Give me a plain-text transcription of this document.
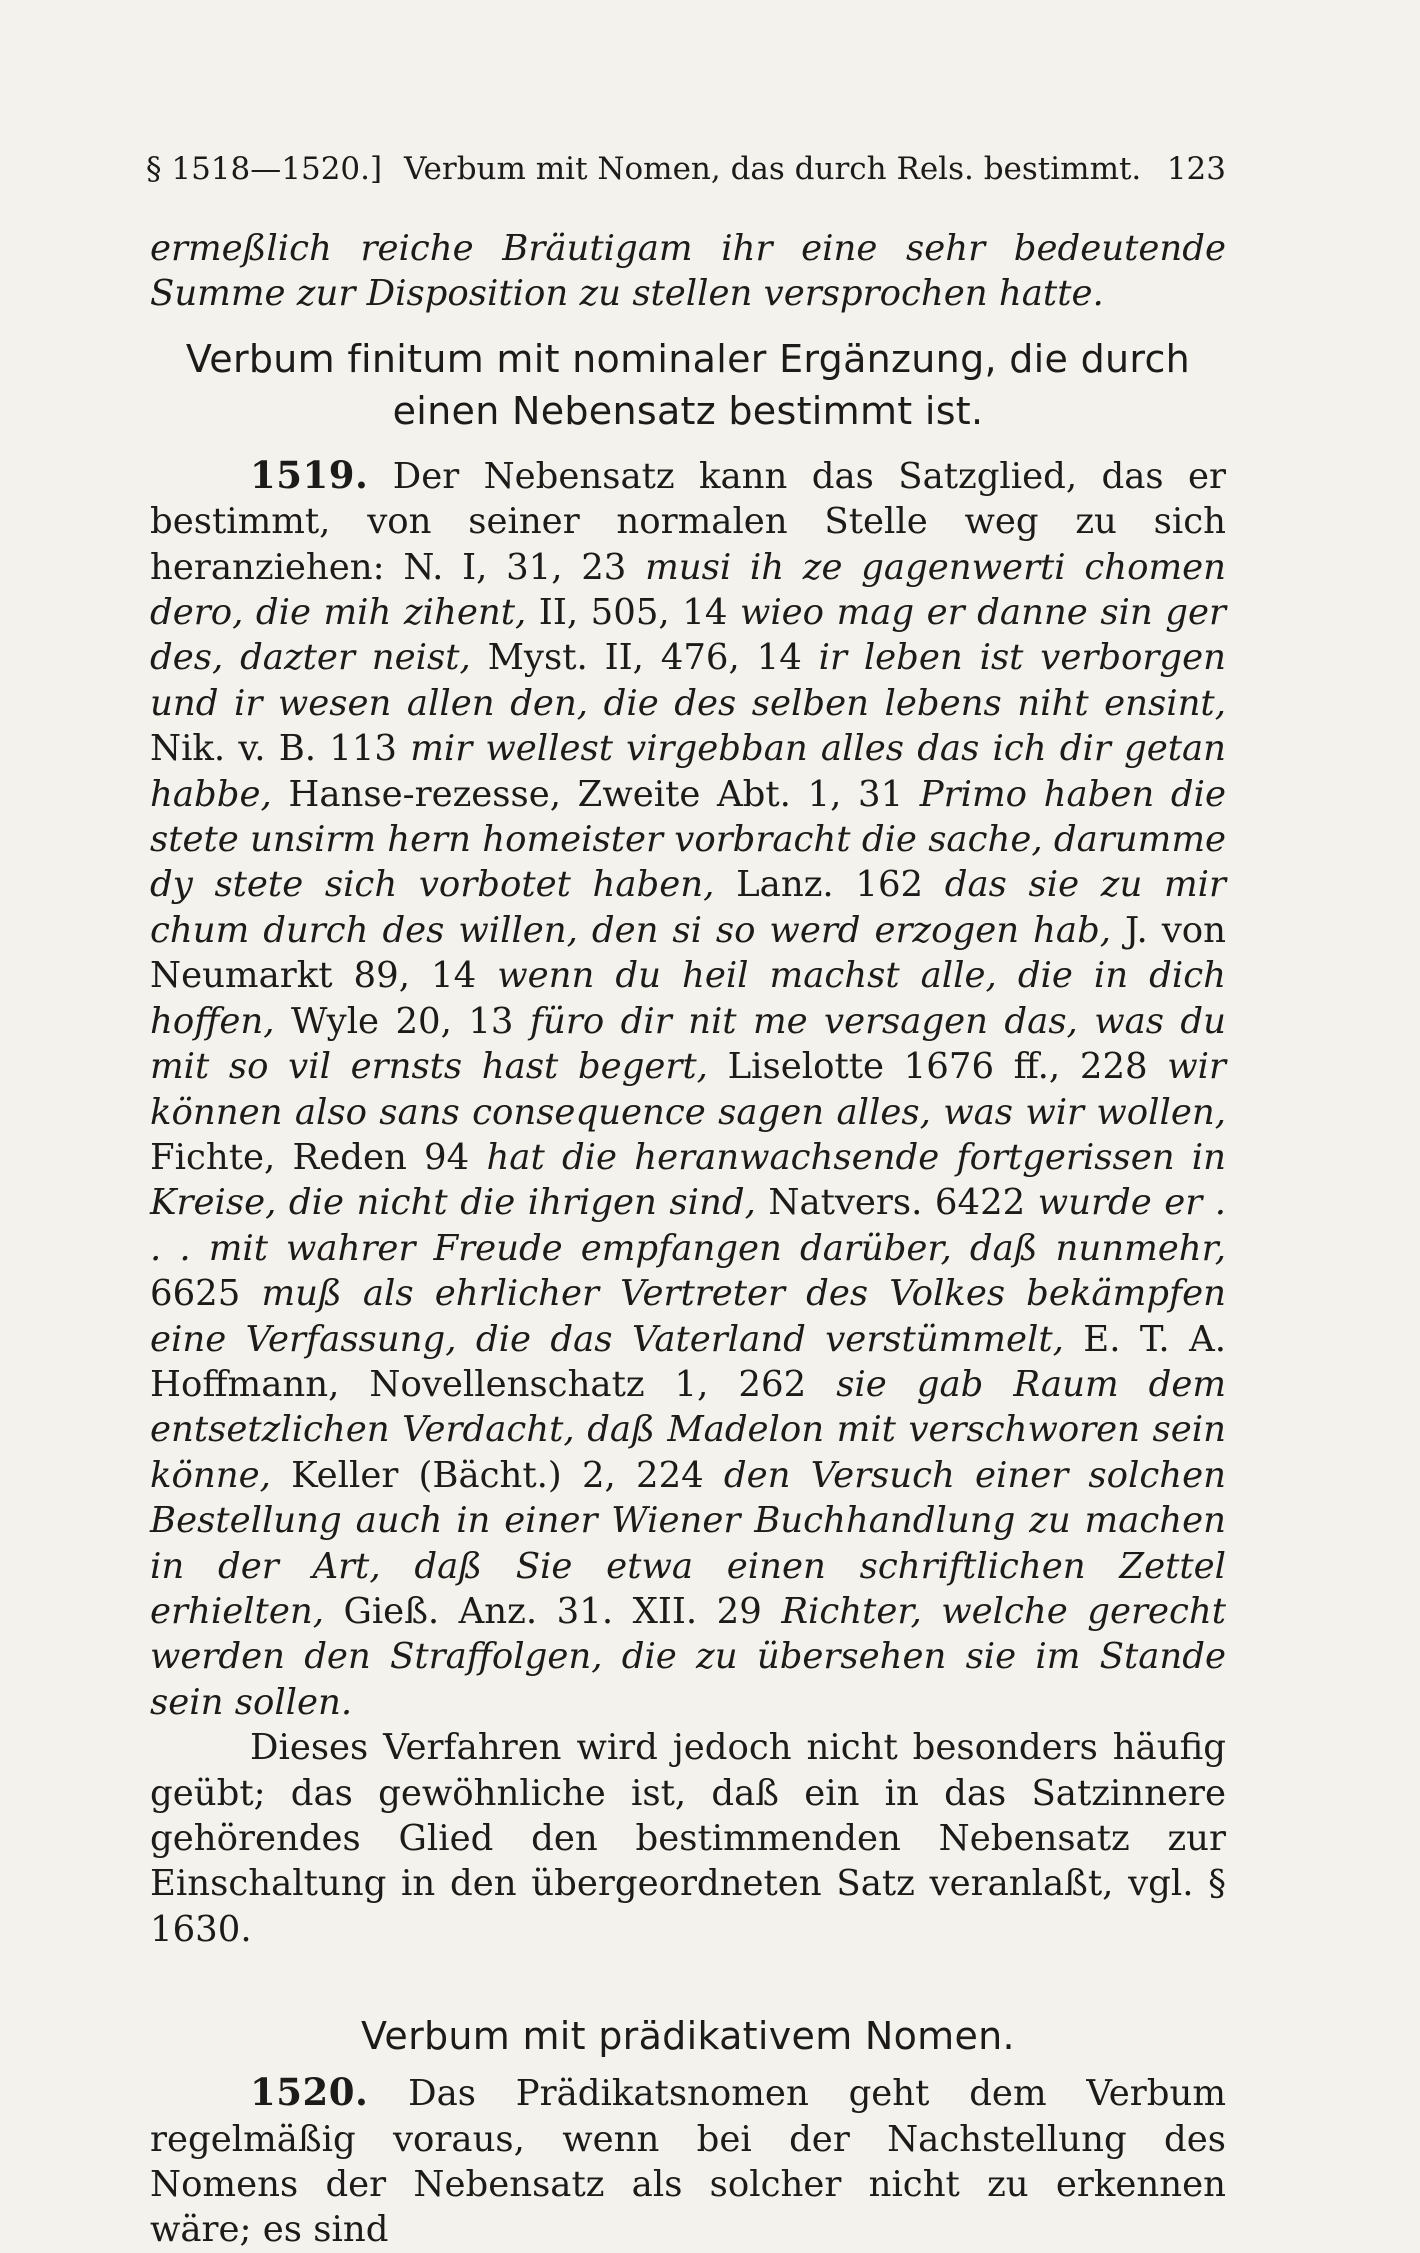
§ 1518—1520.] Verbum mit Nomen, das durch Rels. bestimmt. 123

ermeßlich reiche Bräutigam ihr eine sehr bedeutende Summe zur Disposition zu stellen versprochen hatte.

Verbum finitum mit nominaler Ergänzung, die durch einen Nebensatz bestimmt ist.

1519. Der Nebensatz kann das Satzglied, das er bestimmt, von seiner normalen Stelle weg zu sich heranziehen: N. I, 31, 23 musi ih ze gagenwerti chomen dero, die mih zihent, II, 505, 14 wieo mag er danne sin ger des, dazter neist, Myst. II, 476, 14 ir leben ist verborgen und ir wesen allen den, die des selben lebens niht ensint, Nik. v. B. 113 mir wellest virgebban alles das ich dir getan habbe, Hanse-rezesse, Zweite Abt. 1, 31 Primo haben die stete unsirm hern homeister vorbracht die sache, darumme dy stete sich vorbotet haben, Lanz. 162 das sie zu mir chum durch des willen, den si so werd erzogen hab, J. von Neumarkt 89, 14 wenn du heil machst alle, die in dich hoffen, Wyle 20, 13 füro dir nit me versagen das, was du mit so vil ernsts hast begert, Liselotte 1676 ff., 228 wir können also sans consequence sagen alles, was wir wollen, Fichte, Reden 94 hat die heranwachsende fortgerissen in Kreise, die nicht die ihrigen sind, Natvers. 6422 wurde er . . . mit wahrer Freude empfangen darüber, daß nunmehr, 6625 muß als ehrlicher Vertreter des Volkes bekämpfen eine Verfassung, die das Vaterland verstümmelt, E. T. A. Hoffmann, Novellenschatz 1, 262 sie gab Raum dem entsetzlichen Verdacht, daß Madelon mit verschworen sein könne, Keller (Bächt.) 2, 224 den Versuch einer solchen Bestellung auch in einer Wiener Buchhandlung zu machen in der Art, daß Sie etwa einen schriftlichen Zettel erhielten, Gieß. Anz. 31. XII. 29 Richter, welche gerecht werden den Straffolgen, die zu übersehen sie im Stande sein sollen.

Dieses Verfahren wird jedoch nicht besonders häufig geübt; das gewöhnliche ist, daß ein in das Satzinnere gehörendes Glied den bestimmenden Nebensatz zur Einschaltung in den übergeordneten Satz veranlaßt, vgl. § 1630.

Verbum mit prädikativem Nomen.

1520. Das Prädikatsnomen geht dem Verbum regelmäßig voraus, wenn bei der Nachstellung des Nomens der Nebensatz als solcher nicht zu erkennen wäre; es sind
